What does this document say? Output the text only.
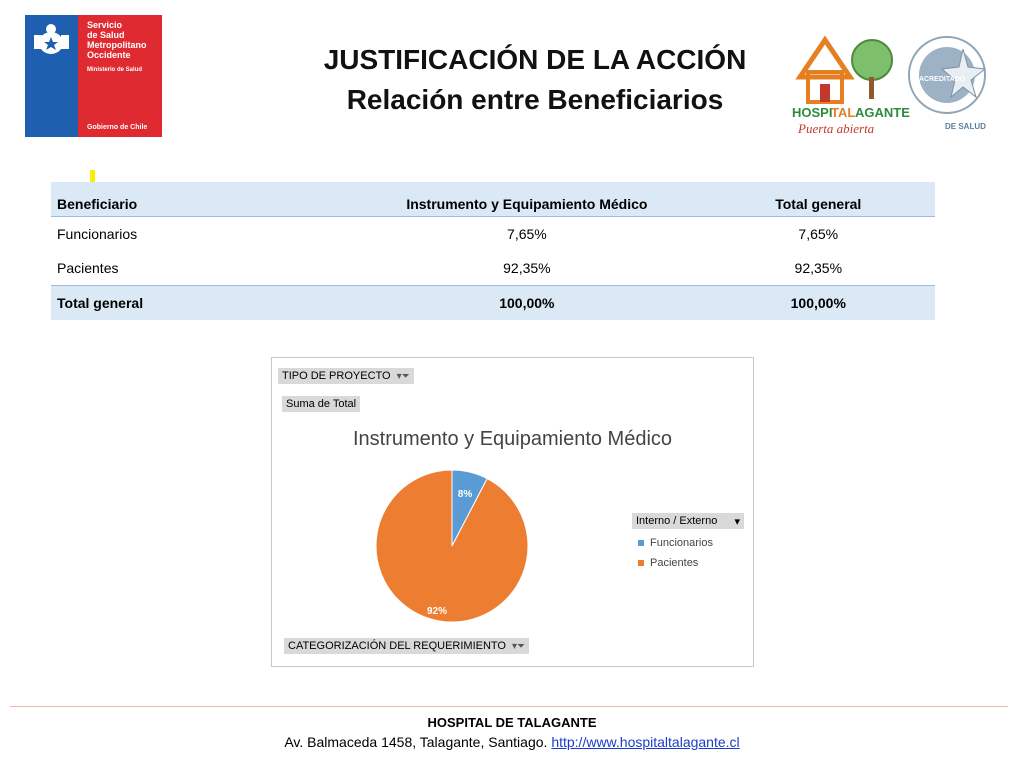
Servicio
de Salud
Metropolitano
Occidente
Ministerio de Salud
Gobierno de Chile
JUSTIFICACIÓN DE LA ACCIÓN
Relación entre Beneficiarios	HOSPI
TAL AGANTE
Puerta abierta
ACREDITADO
DE SALUD
Beneficiario	Instrumento y Equipamiento Médico	Total general
Funcionarios	7,65%	7,65%
Pacientes	92,35%	92,35%
Total general	100,00%	100,00%
8%
92%
TIPO DE PROYECTO ▾⏷
Suma de Total
Instrumento y Equipamiento Médico
Interno / Externo ▾
Funcionarios
Pacientes
CATEGORIZACIÓN DEL REQUERIMIENTO ▾⏷
HOSPITAL DE TALAGANTE
Av. Balmaceda 1458, Talagante, Santiago. http://www.hospitaltalagante.cl
